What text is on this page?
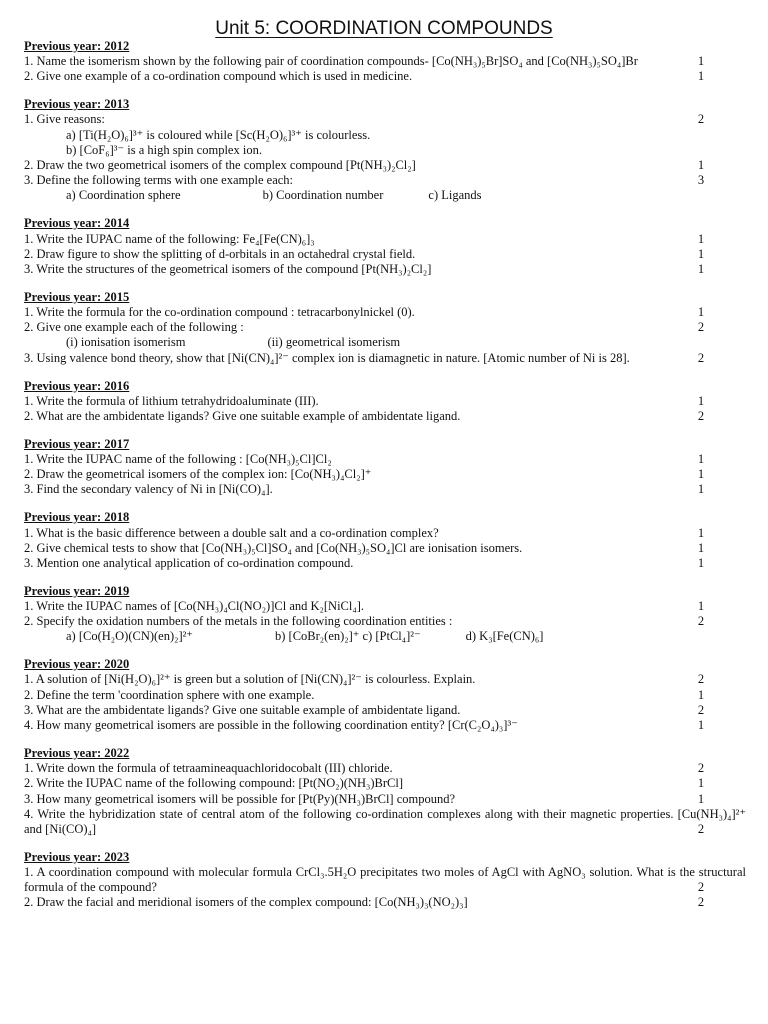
Unit 5: COORDINATION COMPOUNDS
Previous year: 2012
1. Name the isomerism shown by the following pair of coordination compounds- [Co(NH₃)₅Br]SO₄ and [Co(NH₃)₅SO₄]Br	1
2. Give one example of a co-ordination compound which is used in medicine.	1
Previous year: 2013
1. Give reasons:	2
a) [Ti(H₂O)₆]³⁺ is coloured while [Sc(H₂O)₆]³⁺ is colourless.
b) [CoF₆]³⁻ is a high spin complex ion.
2. Draw the two geometrical isomers of the complex compound [Pt(NH₃)₂Cl₂]	1
3. Define the following terms with one example each:	3
a) Coordination sphere	b) Coordination number	c) Ligands
Previous year: 2014
1. Write the IUPAC name of the following: Fe₄[Fe(CN)₆]₃	1
2. Draw figure to show the splitting of d-orbitals in an octahedral crystal field.	1
3. Write the structures of the geometrical isomers of the compound [Pt(NH₃)₂Cl₂]	1
Previous year: 2015
1. Write the formula for the co-ordination compound : tetracarbonylnickel (0).	1
2. Give one example each of the following :	2
(i) ionisation isomerism	(ii) geometrical isomerism
3. Using valence bond theory, show that [Ni(CN)₄]²⁻ complex ion is diamagnetic in nature. [Atomic number of Ni is 28].	2
Previous year: 2016
1. Write the formula of lithium tetrahydridoaluminate (III).	1
2. What are the ambidentate ligands? Give one suitable example of ambidentate ligand.	2
Previous year: 2017
1. Write the IUPAC name of the following : [Co(NH₃)₅Cl]Cl₂	1
2. Draw the geometrical isomers of the complex ion: [Co(NH₃)₄Cl₂]⁺	1
3. Find the secondary valency of Ni in [Ni(CO)₄].	1
Previous year: 2018
1. What is the basic difference between a double salt and a co-ordination complex?	1
2. Give chemical tests to show that [Co(NH₃)₅Cl]SO₄ and [Co(NH₃)₅SO₄]Cl are ionisation isomers.	1
3. Mention one analytical application of co-ordination compound.	1
Previous year: 2019
1. Write the IUPAC names of [Co(NH₃)₄Cl(NO₂)]Cl and K₂[NiCl₄].	1
2. Specify the oxidation numbers of the metals in the following coordination entities :	2
a) [Co(H₂O)(CN)(en)₂]²⁺	b) [CoBr₂(en)₂]⁺ c) [PtCl₄]²⁻	d) K₃[Fe(CN)₆]
Previous year: 2020
1. A solution of [Ni(H₂O)₆]²⁺ is green but a solution of [Ni(CN)₄]²⁻ is colourless. Explain.	2
2. Define the term 'coordination sphere with one example.	1
3. What are the ambidentate ligands? Give one suitable example of ambidentate ligand.	2
4. How many geometrical isomers are possible in the following coordination entity? [Cr(C₂O₄)₃]³⁻	1
Previous year: 2022
1. Write down the formula of tetraamineaquachloridocobalt (III) chloride.	2
2. Write the IUPAC name of the following compound: [Pt(NO₂)(NH₃)BrCl]	1
3. How many geometrical isomers will be possible for [Pt(Py)(NH₃)BrCl] compound?	1
4. Write the hybridization state of central atom of the following co-ordination complexes along with their magnetic properties. [Cu(NH₃)₄]²⁺ and [Ni(CO)₄]	2
Previous year: 2023
1. A coordination compound with molecular formula CrCl₃.5H₂O precipitates two moles of AgCl with AgNO₃ solution. What is the structural formula of the compound?	2
2. Draw the facial and meridional isomers of the complex compound: [Co(NH₃)₃(NO₂)₃]	2
